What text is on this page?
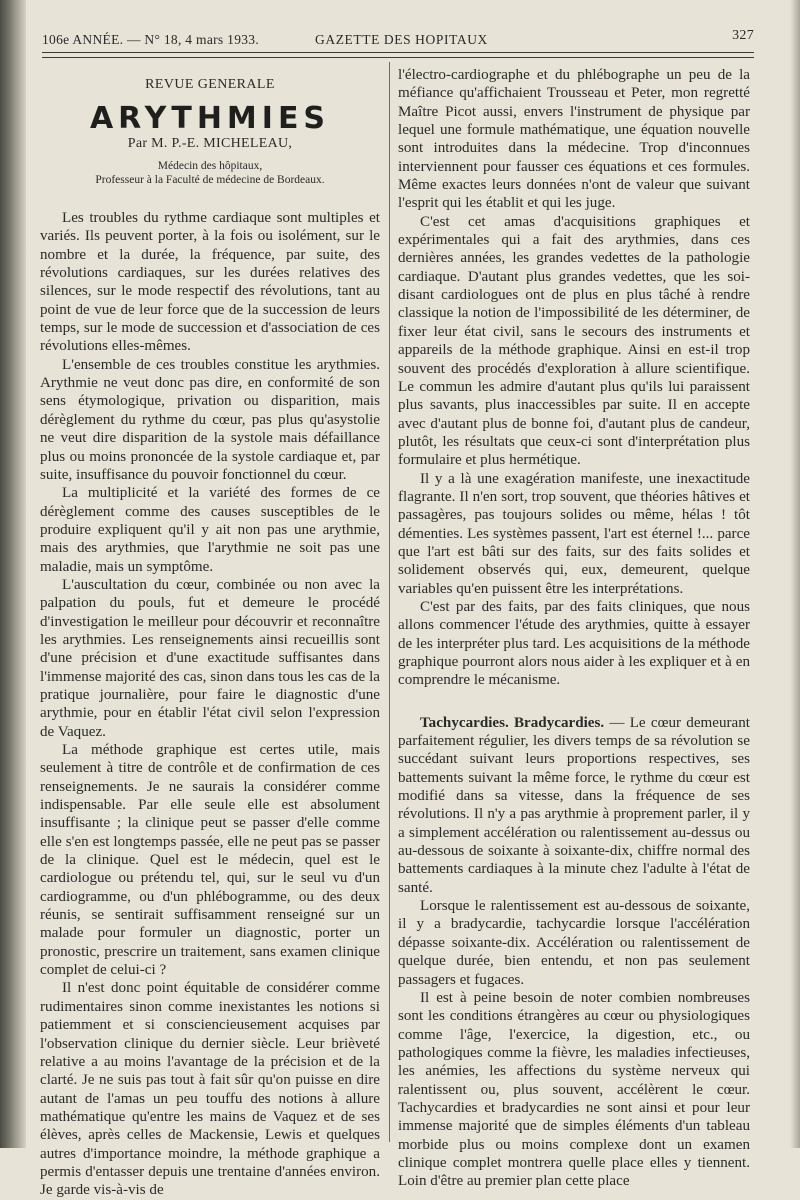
106e ANNÉE. — N° 18, 4 mars 1933.	GAZETTE DES HOPITAUX	327
REVUE GENERALE
ARYTHMIES
Par M. P.-E. MICHELEAU,
Médecin des hôpitaux,
Professeur à la Faculté de médecine de Bordeaux.

Les troubles du rythme cardiaque sont multiples et variés. Ils peuvent porter, à la fois ou isolément, sur le nombre et la durée, la fréquence, par suite, des révolutions cardiaques, sur les durées relatives des silences, sur le mode respectif des révolutions, tant au point de vue de leur force que de la succession de leurs temps, sur le mode de succession et d'association de ces révolutions elles-mêmes.

L'ensemble de ces troubles constitue les arythmies. Arythmie ne veut donc pas dire, en conformité de son sens étymologique, privation ou disparition, mais dérèglement du rythme du cœur, pas plus qu'asystolie ne veut dire disparition de la systole mais défaillance plus ou moins prononcée de la systole cardiaque et, par suite, insuffisance du pouvoir fonctionnel du cœur.

La multiplicité et la variété des formes de ce dérèglement comme des causes susceptibles de le produire expliquent qu'il y ait non pas une arythmie, mais des arythmies, que l'arythmie ne soit pas une maladie, mais un symptôme.

L'auscultation du cœur, combinée ou non avec la palpation du pouls, fut et demeure le procédé d'investigation le meilleur pour découvrir et reconnaître les arythmies. Les renseignements ainsi recueillis sont d'une précision et d'une exactitude suffisantes dans l'immense majorité des cas, sinon dans tous les cas de la pratique journalière, pour faire le diagnostic d'une arythmie, pour en établir l'état civil selon l'expression de Vaquez.

La méthode graphique est certes utile, mais seulement à titre de contrôle et de confirmation de ces renseignements. Je ne saurais la considérer comme indispensable. Par elle seule elle est absolument insuffisante ; la clinique peut se passer d'elle comme elle s'en est longtemps passée, elle ne peut pas se passer de la clinique. Quel est le médecin, quel est le cardiologue ou prétendu tel, qui, sur le seul vu d'un cardiogramme, ou d'un phlébogramme, ou des deux réunis, se sentirait suffisamment renseigné sur un malade pour formuler un diagnostic, porter un pronostic, prescrire un traitement, sans examen clinique complet de celui-ci ?

Il n'est donc point équitable de considérer comme rudimentaires sinon comme inexistantes les notions si patiemment et si consciencieusement acquises par l'observation clinique du dernier siècle. Leur brièveté relative a au moins l'avantage de la précision et de la clarté. Je ne suis pas tout à fait sûr qu'on puisse en dire autant de l'amas un peu touffu des notions à allure mathématique qu'entre les mains de Vaquez et de ses élèves, après celles de Mackensie, Lewis et quelques autres d'importance moindre, la méthode graphique a permis d'entasser depuis une trentaine d'années environ. Je garde vis-à-vis de

l'électro-cardiographe et du phlébographe un peu de la méfiance qu'affichaient Trousseau et Peter, mon regretté Maître Picot aussi, envers l'instrument de physique par lequel une formule mathématique, une équation nouvelle sont introduites dans la médecine. Trop d'inconnues interviennent pour fausser ces équations et ces formules. Même exactes leurs données n'ont de valeur que suivant l'esprit qui les établit et qui les juge.

C'est cet amas d'acquisitions graphiques et expérimentales qui a fait des arythmies, dans ces dernières années, les grandes vedettes de la pathologie cardiaque. D'autant plus grandes vedettes, que les soi-disant cardiologues ont de plus en plus tâché à rendre classique la notion de l'impossibilité de les déterminer, de fixer leur état civil, sans le secours des instruments et appareils de la méthode graphique. Ainsi en est-il trop souvent des procédés d'exploration à allure scientifique. Le commun les admire d'autant plus qu'ils lui paraissent plus savants, plus inaccessibles par suite. Il en accepte avec d'autant plus de bonne foi, d'autant plus de candeur, plutôt, les résultats que ceux-ci sont d'interprétation plus formulaire et plus hermétique.

Il y a là une exagération manifeste, une inexactitude flagrante. Il n'en sort, trop souvent, que théories hâtives et passagères, pas toujours solides ou même, hélas ! tôt démenties. Les systèmes passent, l'art est éternel !... parce que l'art est bâti sur des faits, sur des faits solides et solidement observés qui, eux, demeurent, quelque variables qu'en puissent être les interprétations.

C'est par des faits, par des faits cliniques, que nous allons commencer l'étude des arythmies, quitte à essayer de les interpréter plus tard. Les acquisitions de la méthode graphique pourront alors nous aider à les expliquer et à en comprendre le mécanisme.

Tachycardies. Bradycardies. — Le cœur demeurant parfaitement régulier, les divers temps de sa révolution se succédant suivant leurs proportions respectives, ses battements suivant la même force, le rythme du cœur est modifié dans sa vitesse, dans la fréquence de ses révolutions. Il n'y a pas arythmie à proprement parler, il y a simplement accélération ou ralentissement au-dessus ou au-dessous de soixante à soixante-dix, chiffre normal des battements cardiaques à la minute chez l'adulte à l'état de santé.

Lorsque le ralentissement est au-dessous de soixante, il y a bradycardie, tachycardie lorsque l'accélération dépasse soixante-dix. Accélération ou ralentissement de quelque durée, bien entendu, et non pas seulement passagers et fugaces.

Il est à peine besoin de noter combien nombreuses sont les conditions étrangères au cœur ou physiologiques comme l'âge, l'exercice, la digestion, etc., ou pathologiques comme la fièvre, les maladies infectieuses, les anémies, les affections du système nerveux qui ralentissent ou, plus souvent, accélèrent le cœur. Tachycardies et bradycardies ne sont ainsi et pour leur immense majorité que de simples éléments d'un tableau morbide plus ou moins complexe dont un examen clinique complet montrera quelle place elles y tiennent. Loin d'être au premier plan cette place
